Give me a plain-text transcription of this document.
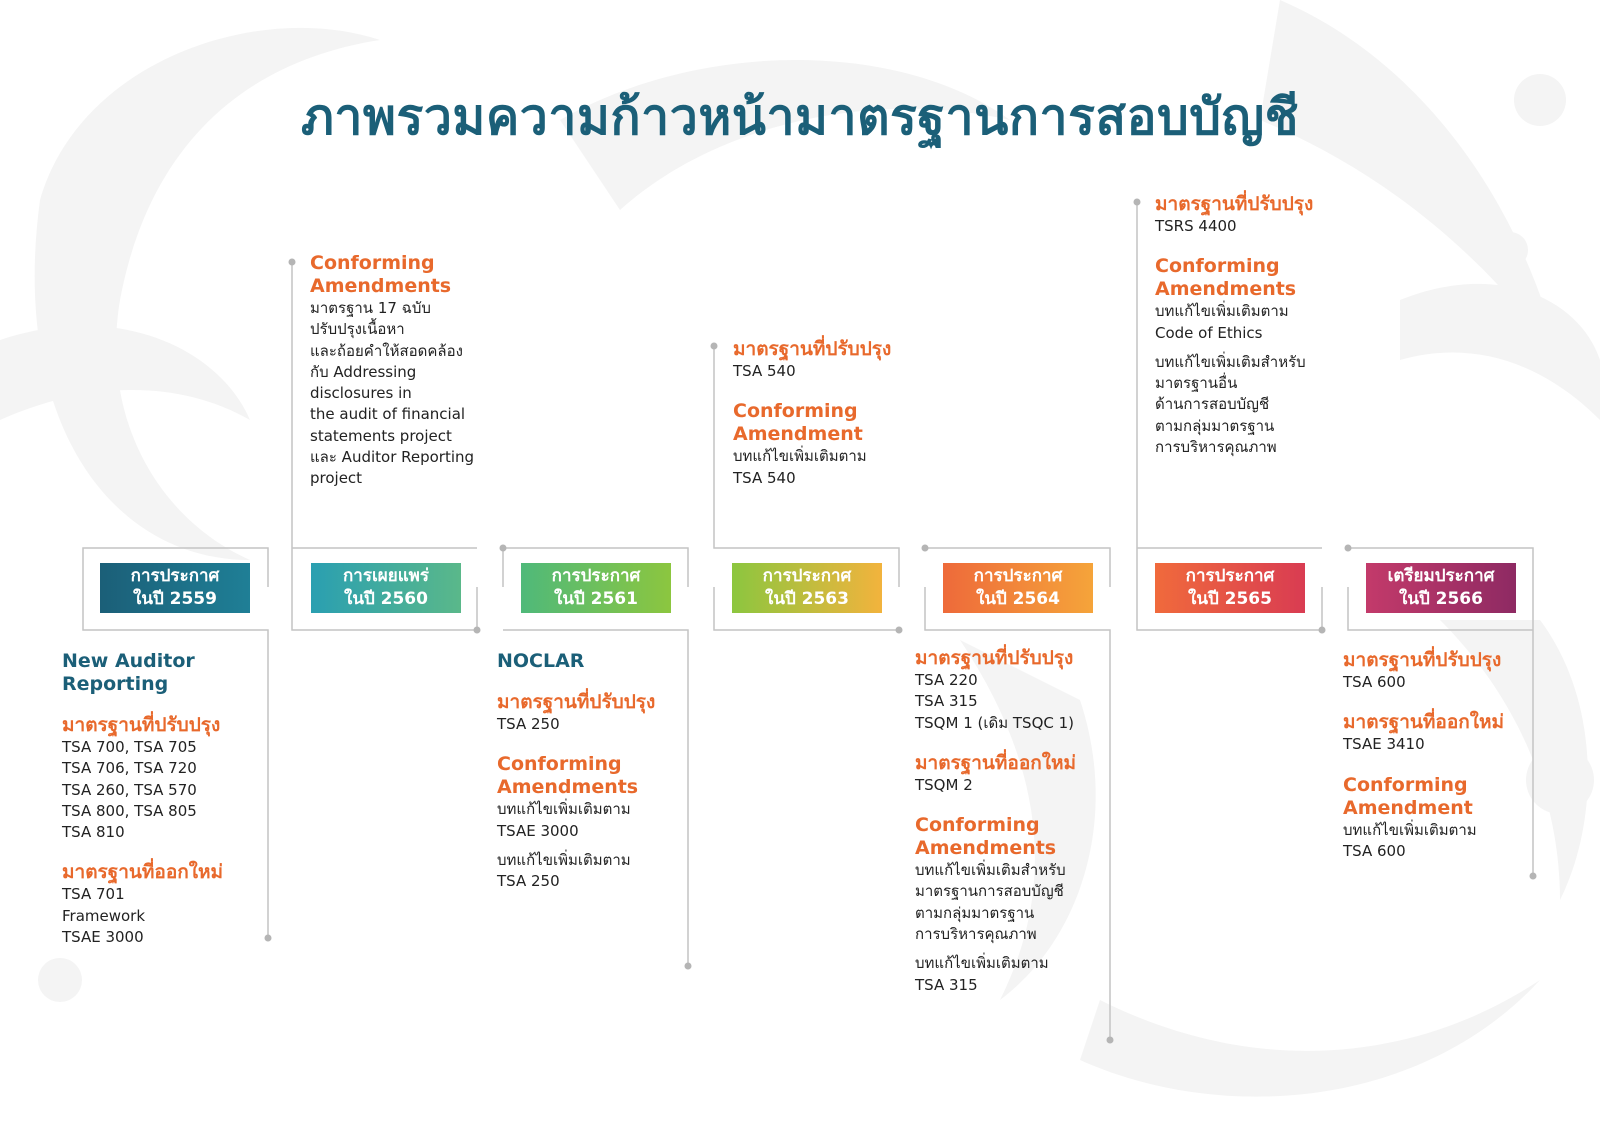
ภาพรวมความก้าวหน้ามาตรฐานการสอบบัญชี
การประกาศ
ในปี 2559
การเผยแพร่
ในปี 2560
การประกาศ
ในปี 2561
การประกาศ
ในปี 2563
การประกาศ
ในปี 2564
การประกาศ
ในปี 2565
เตรียมประกาศ
ในปี 2566

New Auditor
Reporting

มาตรฐานที่ปรับปรุง

TSA 700, TSA 705
TSA 706, TSA 720
TSA 260, TSA 570
TSA 800, TSA 805
TSA 810

มาตรฐานที่ออกใหม่

TSA 701
Framework
TSAE 3000

Conforming
Amendments

มาตรฐาน 17 ฉบับ
ปรับปรุงเนื้อหา
และถ้อยคำให้สอดคล้อง
กับ Addressing
disclosures in
the audit of financial
statements project
และ Auditor Reporting
project

NOCLAR

มาตรฐานที่ปรับปรุง

TSA 250

Conforming
Amendments

บทแก้ไขเพิ่มเติมตาม
TSAE 3000

บทแก้ไขเพิ่มเติมตาม
TSA 250

มาตรฐานที่ปรับปรุง

TSA 540

Conforming
Amendment

บทแก้ไขเพิ่มเติมตาม
TSA 540

มาตรฐานที่ปรับปรุง

TSA 220
TSA 315
TSQM 1 (เดิม TSQC 1)

มาตรฐานที่ออกใหม่

TSQM 2

Conforming
Amendments

บทแก้ไขเพิ่มเติมสำหรับ
มาตรฐานการสอบบัญชี
ตามกลุ่มมาตรฐาน
การบริหารคุณภาพ

บทแก้ไขเพิ่มเติมตาม
TSA 315

มาตรฐานที่ปรับปรุง

TSRS 4400

Conforming
Amendments

บทแก้ไขเพิ่มเติมตาม
Code of Ethics

บทแก้ไขเพิ่มเติมสำหรับ
มาตรฐานอื่น
ด้านการสอบบัญชี
ตามกลุ่มมาตรฐาน
การบริหารคุณภาพ

มาตรฐานที่ปรับปรุง

TSA 600

มาตรฐานที่ออกใหม่

TSAE 3410

Conforming
Amendment

บทแก้ไขเพิ่มเติมตาม
TSA 600
